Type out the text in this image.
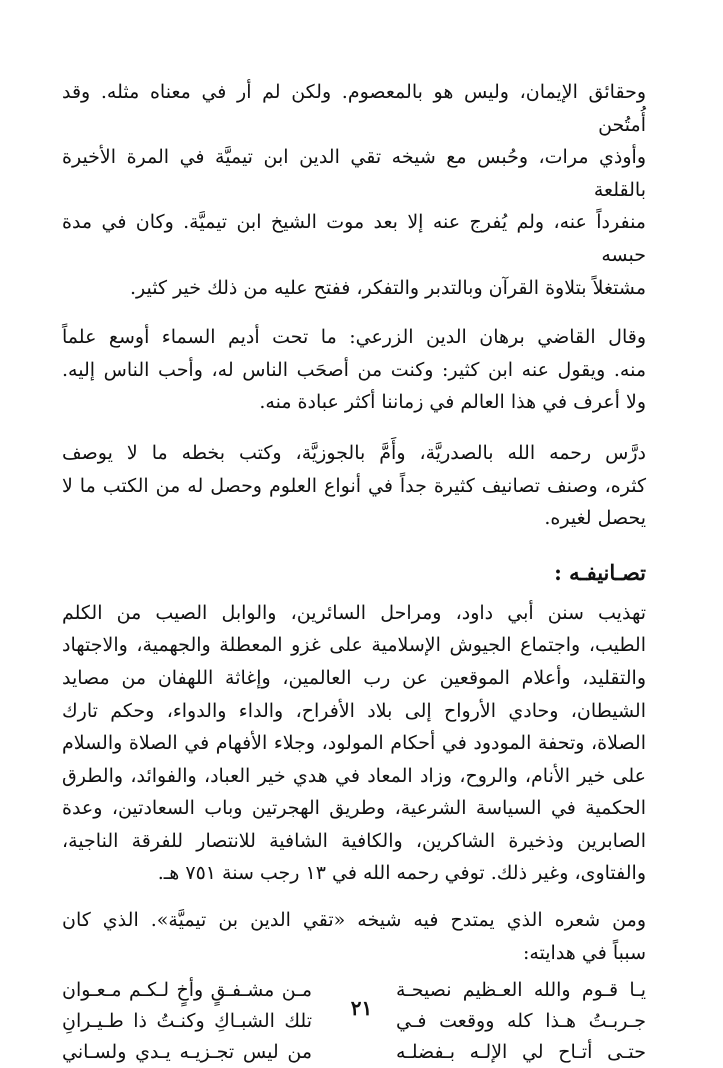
وحقائق الإيمان، وليس هو بالمعصوم. ولكن لم أر في معناه مثله. وقد أُمتُحن
وأوذي مرات، وحُبس مع شيخه تقي الدين ابن تيميَّة في المرة الأخيرة بالقلعة
منفرداً عنه، ولم يُفرج عنه إلا بعد موت الشيخ ابن تيميَّة. وكان في مدة حبسه
مشتغلاً بتلاوة القرآن وبالتدبر والتفكر، ففتح عليه من ذلك خير كثير.
وقال القاضي برهان الدين الزرعي: ما تحت أديم السماء أوسع علماً
منه. ويقول عنه ابن كثير: وكنت من أصحَب الناس له، وأحب الناس إليه.
ولا أعرف في هذا العالم في زماننا أكثر عبادة منه.
درَّس رحمه الله بالصدريَّة، وأَمَّ بالجوزيَّة، وكتب بخطه ما لا يوصف
كثره، وصنف تصانيف كثيرة جداً في أنواع العلوم وحصل له من الكتب ما لا
يحصل لغيره.
تصـانيفـه :
تهذيب سنن أبي داود، ومراحل السائرين، والوابل الصيب من الكلم
الطيب، واجتماع الجيوش الإسلامية على غزو المعطلة والجهمية، والاجتهاد
والتقليد، وأعلام الموقعين عن رب العالمين، وإغاثة اللهفان من مصايد
الشيطان، وحادي الأرواح إلى بلاد الأفراح، والداء والدواء، وحكم تارك
الصلاة، وتحفة المودود في أحكام المولود، وجلاء الأفهام في الصلاة والسلام
على خير الأنام، والروح، وزاد المعاد في هدي خير العباد، والفوائد، والطرق
الحكمية في السياسة الشرعية، وطريق الهجرتين وباب السعادتين، وعدة
الصابرين وذخيرة الشاكرين، والكافية الشافية للانتصار للفرقة الناجية،
والفتاوى، وغير ذلك. توفي رحمه الله في ١٣ رجب سنة ٧٥١ هـ.
ومن شعره الذي يمتدح فيه شيخه «تقي الدين بن تيميَّة». الذي كان
سبباً في هدايته:
يـا قـوم والله العـظيم نصيحـة
مـن مشـفـقٍ وأخٍ لـكـم مـعـوان
جـربـتُ هـذا كله ووقعت فـي
تلك الشبـاكِ وكنـتُ ذا طـيـرانِ
حتـى أتـاح لي الإلـه بـفضلـه
من ليس تجـزيـه يـدي ولسـاني
٢١
